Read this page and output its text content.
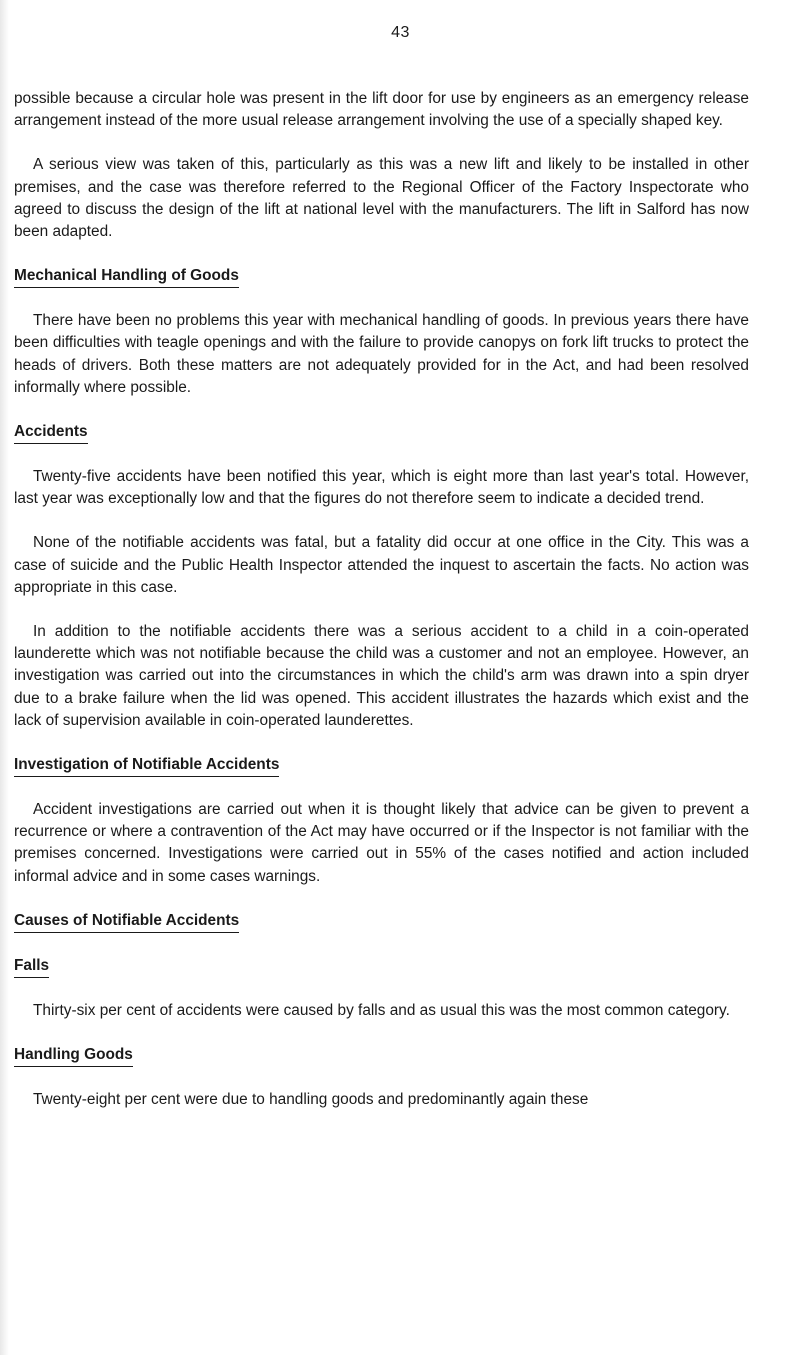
43

possible because a circular hole was present in the lift door for use by engineers as an emergency release arrangement instead of the more usual release arrangement involving the use of a specially shaped key.

A serious view was taken of this, particularly as this was a new lift and likely to be installed in other premises, and the case was therefore referred to the Regional Officer of the Factory Inspectorate who agreed to discuss the design of the lift at national level with the manufacturers. The lift in Salford has now been adapted.

Mechanical Handling of Goods

There have been no problems this year with mechanical handling of goods. In previous years there have been difficulties with teagle openings and with the failure to provide canopys on fork lift trucks to protect the heads of drivers. Both these matters are not adequately provided for in the Act, and had been resolved informally where possible.

Accidents

Twenty-five accidents have been notified this year, which is eight more than last year's total. However, last year was exceptionally low and that the figures do not therefore seem to indicate a decided trend.

None of the notifiable accidents was fatal, but a fatality did occur at one office in the City. This was a case of suicide and the Public Health Inspector attended the inquest to ascertain the facts. No action was appropriate in this case.

In addition to the notifiable accidents there was a serious accident to a child in a coin-operated launderette which was not notifiable because the child was a customer and not an employee. However, an investigation was carried out into the circumstances in which the child's arm was drawn into a spin dryer due to a brake failure when the lid was opened. This accident illustrates the hazards which exist and the lack of supervision available in coin-operated launderettes.

Investigation of Notifiable Accidents

Accident investigations are carried out when it is thought likely that advice can be given to prevent a recurrence or where a contravention of the Act may have occurred or if the Inspector is not familiar with the premises concerned. Investigations were carried out in 55% of the cases notified and action included informal advice and in some cases warnings.

Causes of Notifiable Accidents
Falls

Thirty-six per cent of accidents were caused by falls and as usual this was the most common category.

Handling Goods

Twenty-eight per cent were due to handling goods and predominantly again these
